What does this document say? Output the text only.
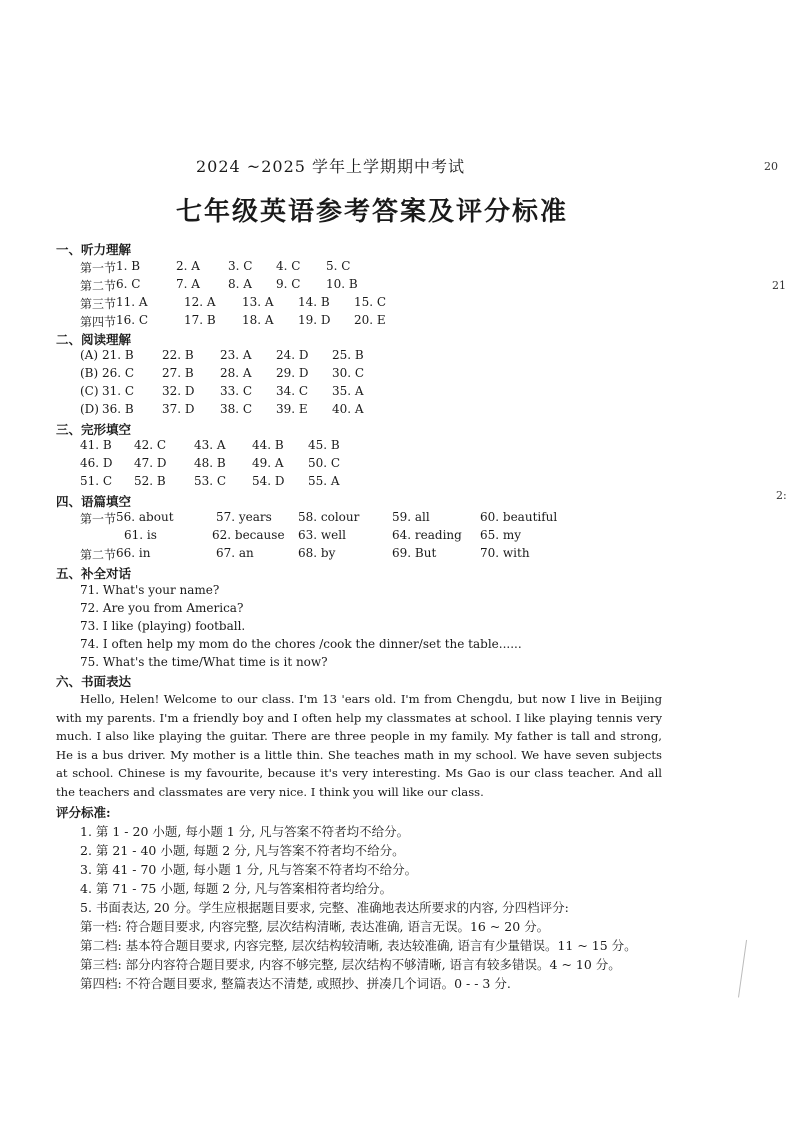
20
21
2:
2024 ~2025 学年上学期期中考试
七年级英语参考答案及评分标准
一、听力理解
第一节 1. B	2. A 3. C 4. C 5. C
第二节 6. C	7. A 8. A 9. C 10. B
第三节 11. A	12. A 13. A 14. B 15. C
第四节 16. C	17. B 18. A 19. D 20. E
二、阅读理解
(A) 21. B 22. B 23. A 24. D 25. B
(B) 26. C 27. B 28. A 29. D 30. C
(C) 31. C 32. D 33. C 34. C 35. A
(D) 36. B 37. D 38. C 39. E 40. A
三、完形填空
41. B 42. C 43. A 44. B 45. B
46. D 47. D 48. B 49. A 50. C
51. C 52. B 53. C 54. D 55. A
四、语篇填空
第一节 56. about	57. years 58. colour	59. all	60. beautiful
61. is	62. because 63. well	64. reading 65. my
第二节 66. in	67. an	68. by	69. But	70. with
五、补全对话
71. What's your name?
72. Are you from America?
73. I like (playing) football.
74. I often help my mom do the chores /cook the dinner/set the table......
75. What's the time/What time is it now?
六、书面表达

Hello, Helen! Welcome to our class. I'm 13 'ears old. I'm from Chengdu, but now I live in Beijing with my parents. I'm a friendly boy and I often help my classmates at school. I like playing tennis very much. I also like playing the guitar. There are three people in my family. My father is tall and strong, He is a bus driver. My mother is a little thin. She teaches math in my school. We have seven subjects at school. Chinese is my favourite, because it's very interesting. Ms Gao is our class teacher. And all the teachers and classmates are very nice. I think you will like our class.

评分标准:
1. 第 1 - 20 小题, 每小题 1 分, 凡与答案不符者均不给分。
2. 第 21 - 40 小题, 每题 2 分, 凡与答案不符者均不给分。
3. 第 41 - 70 小题, 每小题 1 分, 凡与答案不符者均不给分。
4. 第 71 - 75 小题, 每题 2 分, 凡与答案相符者均给分。
5. 书面表达, 20 分。学生应根据题目要求, 完整、准确地表达所要求的内容, 分四档评分:
第一档: 符合题目要求, 内容完整, 层次结构清晰, 表达准确, 语言无误。16 ~ 20 分。
第二档: 基本符合题目要求, 内容完整, 层次结构较清晰, 表达较准确, 语言有少量错误。11 ~ 15 分。
第三档: 部分内容符合题目要求, 内容不够完整, 层次结构不够清晰, 语言有较多错误。4 ~ 10 分。
第四档: 不符合题目要求, 整篇表达不清楚, 或照抄、拼凑几个词语。0 - - 3 分.
